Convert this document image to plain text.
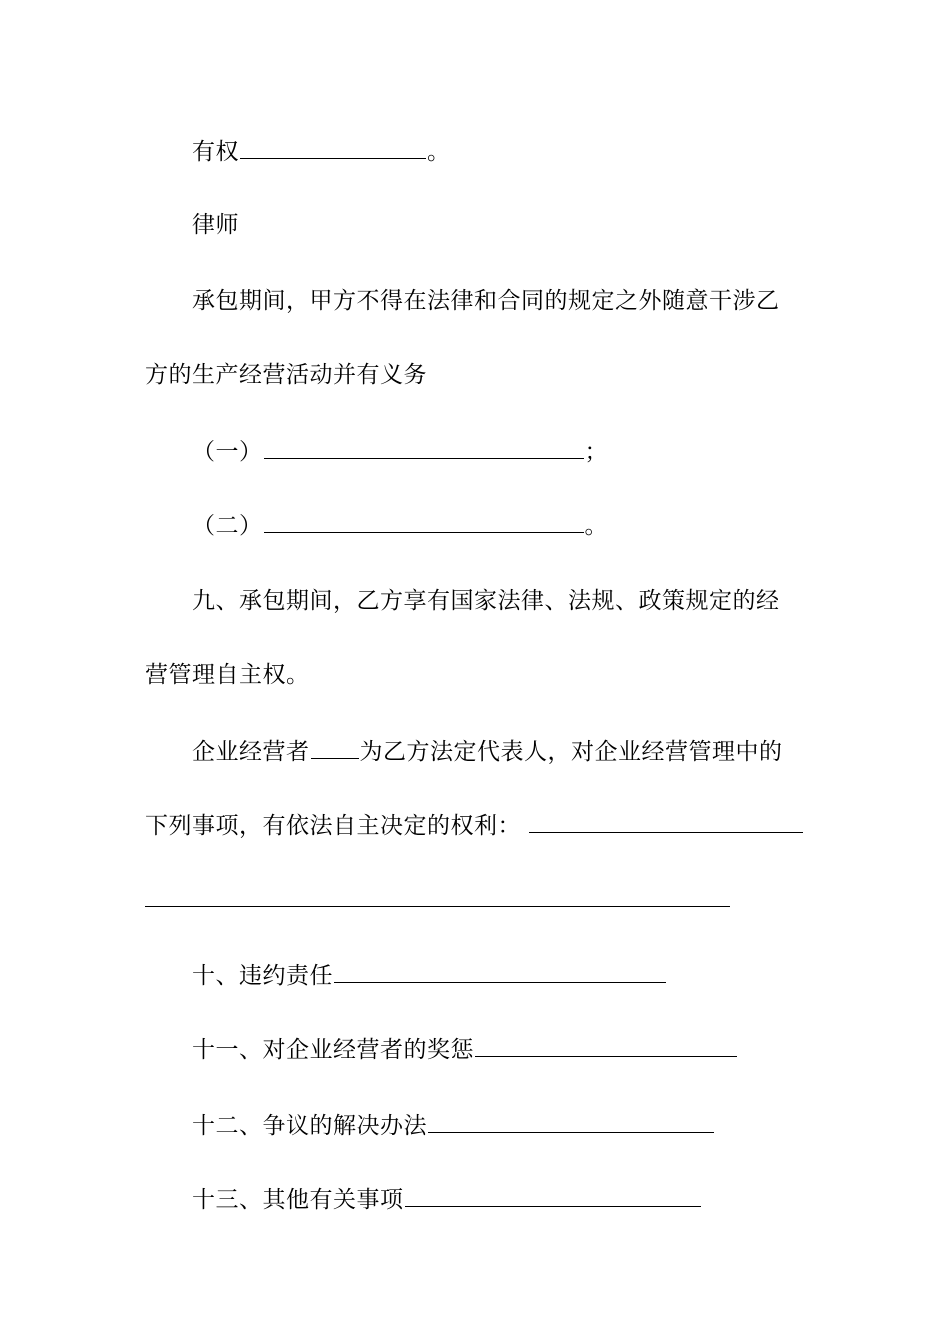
有权	。
律师
承包期间，甲方不得在法律和合同的规定之外随意干涉乙
方的生产经营活动并有义务
（一）	；
（二）	。
九、承包期间，乙方享有国家法律、法规、政策规定的经
营管理自主权。
企业经营者 为乙方法定代表人，对企业经营管理中的
下列事项，有依法自主决定的权利：
十、违约责任
十一、对企业经营者的奖惩
十二、争议的解决办法
十三、其他有关事项
